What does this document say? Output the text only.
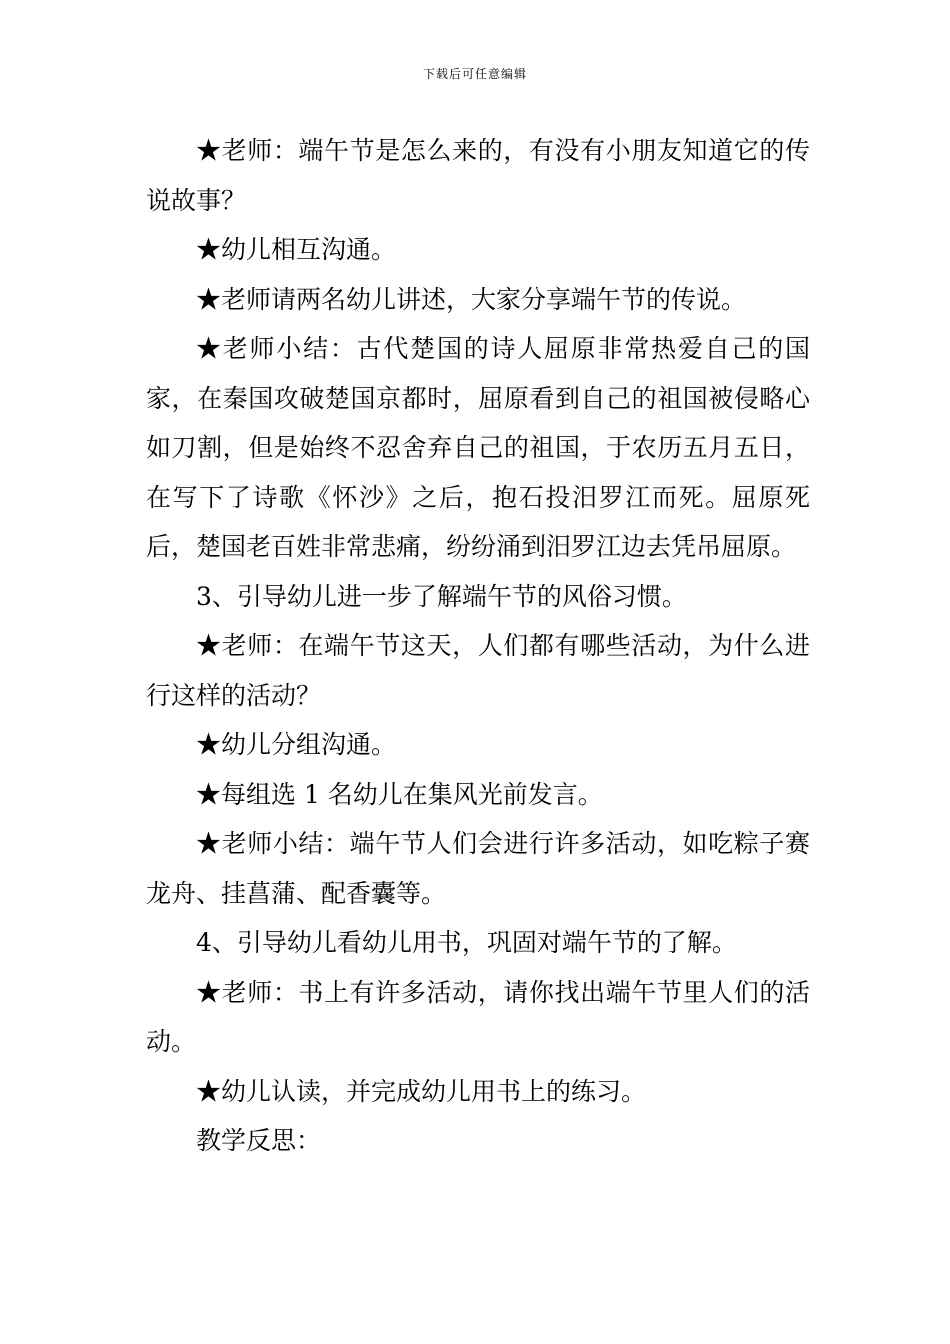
下载后可任意编辑

★老师：端午节是怎么来的，有没有小朋友知道它的传说故事？

★幼儿相互沟通。

★老师请两名幼儿讲述，大家分享端午节的传说。

★老师小结：古代楚国的诗人屈原非常热爱自己的国家，在秦国攻破楚国京都时，屈原看到自己的祖国被侵略心如刀割，但是始终不忍舍弃自己的祖国，于农历五月五日，在写下了诗歌《怀沙》之后，抱石投汨罗江而死。屈原死后，楚国老百姓非常悲痛，纷纷涌到汨罗江边去凭吊屈原。

3、引导幼儿进一步了解端午节的风俗习惯。

★老师：在端午节这天，人们都有哪些活动，为什么进行这样的活动？

★幼儿分组沟通。

★每组选 1 名幼儿在集风光前发言。

★老师小结：端午节人们会进行许多活动，如吃粽子赛龙舟、挂菖蒲、配香囊等。

4、引导幼儿看幼儿用书，巩固对端午节的了解。

★老师：书上有许多活动，请你找出端午节里人们的活动。

★幼儿认读，并完成幼儿用书上的练习。

教学反思：
